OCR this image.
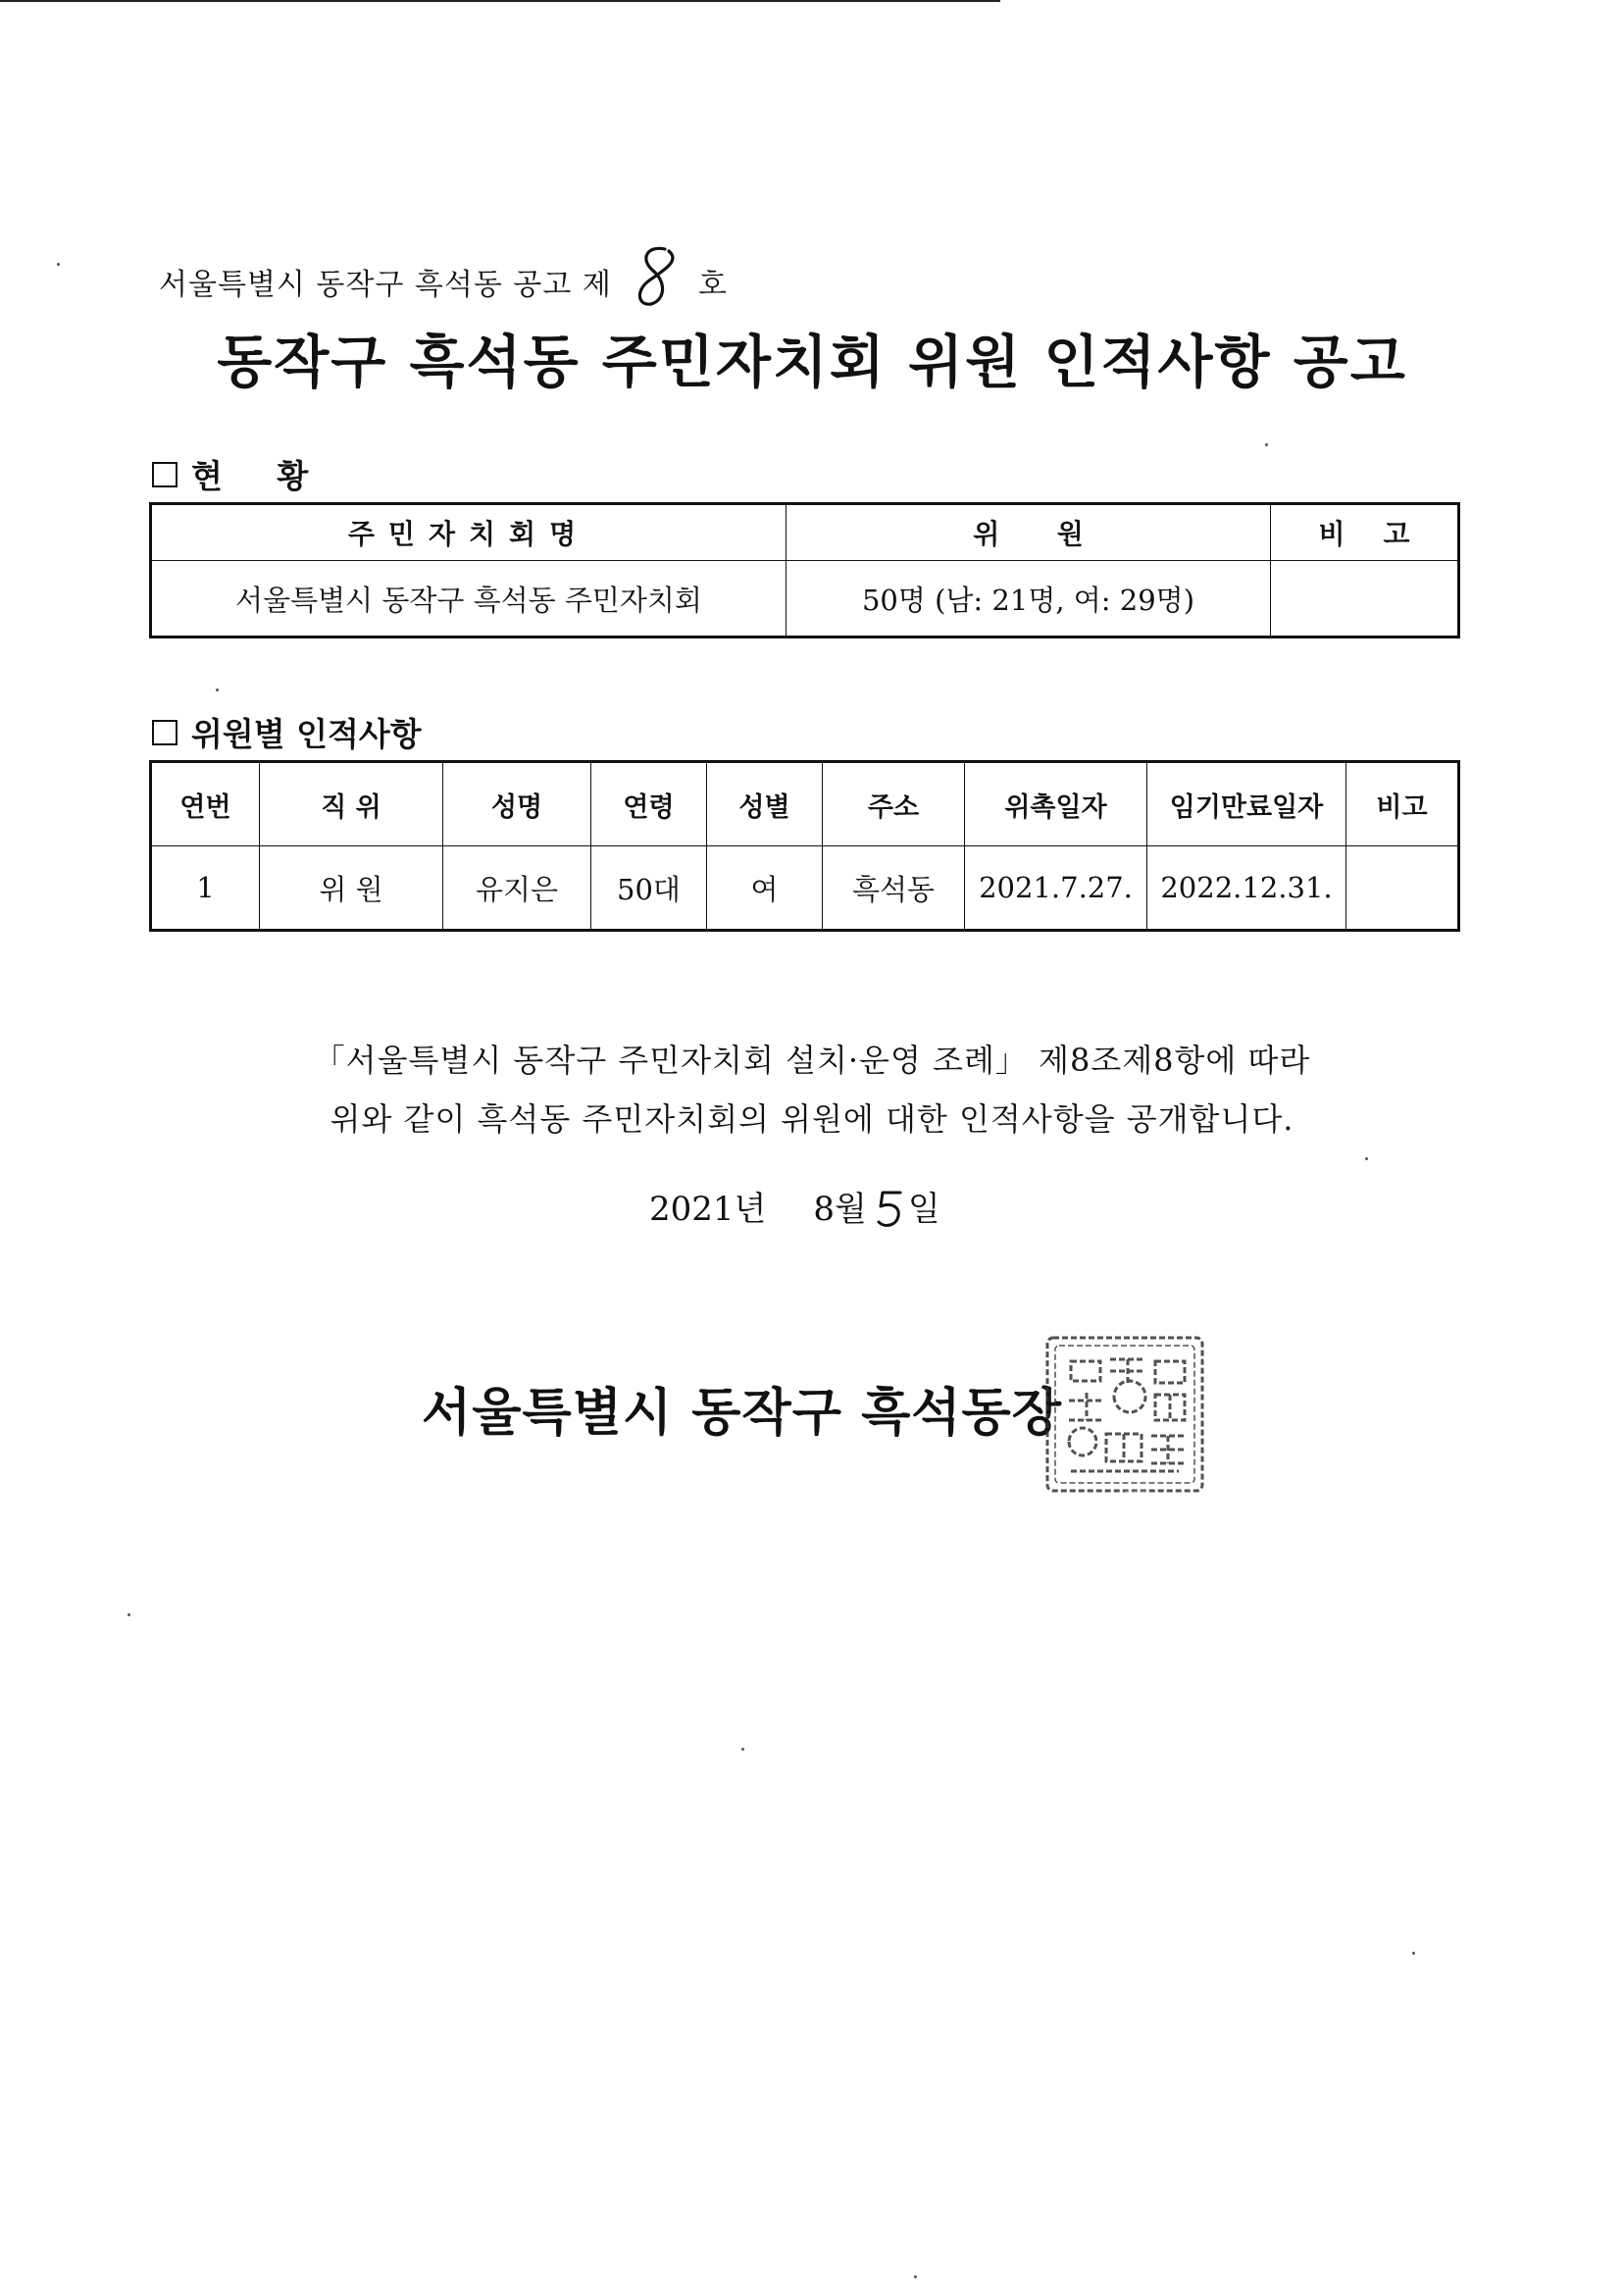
서울특별시 동작구 흑석동 공고 제	호
동작구 흑석동 주민자치회 위원 인적사항 공고
현 황
주민자치회명	위      원	비    고
서울특별시 동작구 흑석동 주민자치회	50명 (남: 21명, 여: 29명)	
위원별 인적사항
연번	직 위	성명	연령	성별	주소	위촉일자	임기만료일자	비고
1	위 원	유지은	50대	여	흑석동	2021.7.27.	2022.12.31.	
「서울특별시 동작구 주민자치회 설치·운영 조례」 제8조제8항에 따라
위와 같이 흑석동 주민자치회의 위원에 대한 인적사항을 공개합니다.
2021년 8월 일
서울특별시 동작구 흑석동장
서울특별시동작구흑석동장인
